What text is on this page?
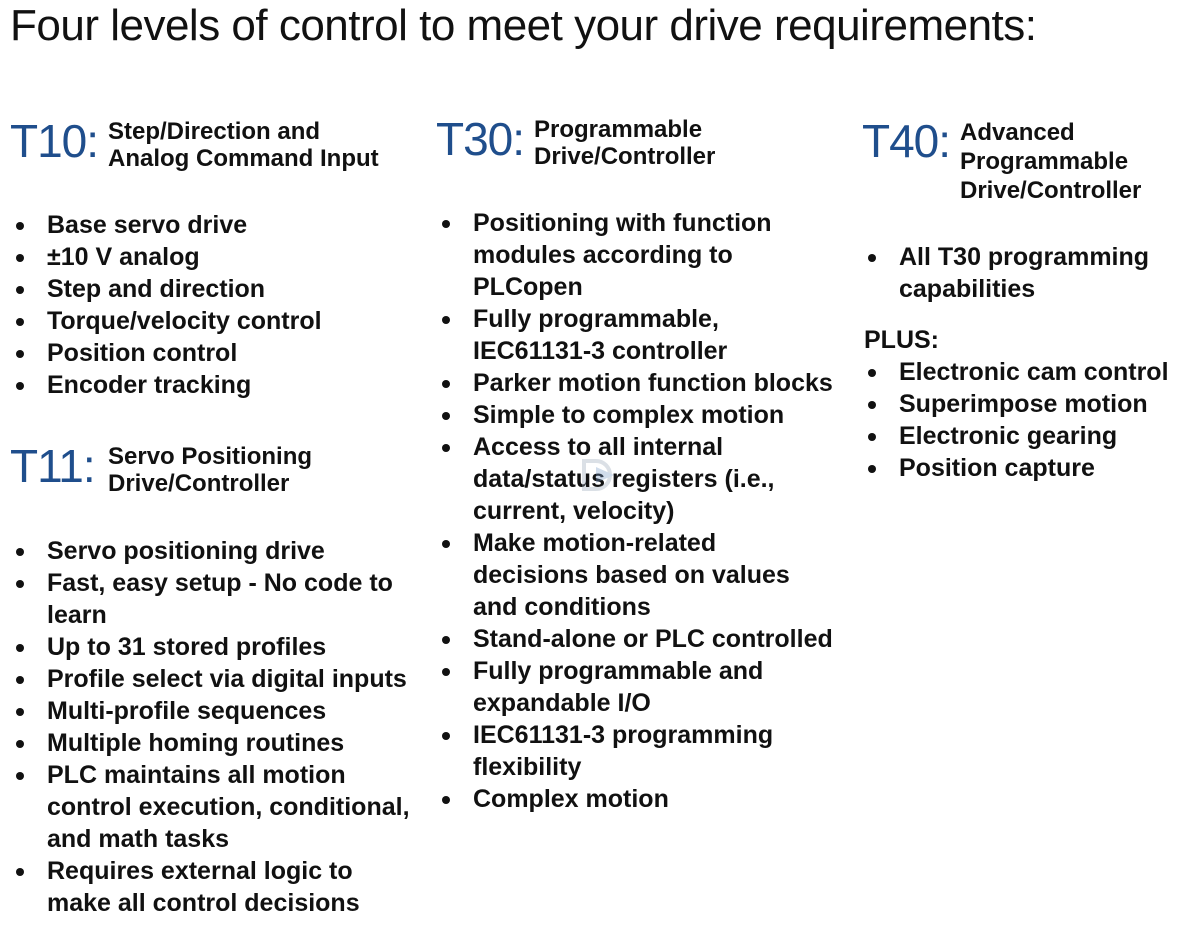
Four levels of control to meet your drive requirements:
T10: Step/Direction and
Analog Command Input
Base servo drive
±10 V analog
Step and direction
Torque/velocity control
Position control
Encoder tracking
T11: Servo Positioning
Drive/Controller
Servo positioning drive
Fast, easy setup - No code to learn
Up to 31 stored profiles
Profile select via digital inputs
Multi-profile sequences
Multiple homing routines
PLC maintains all motion control execution, conditional, and math tasks
Requires external logic to make all control decisions
T30: Programmable
Drive/Controller
Positioning with function modules according to PLCopen
Fully programmable, IEC61131-3 controller
Parker motion function blocks
Simple to complex motion
Access to all internal data/status registers (i.e., current, velocity)
Make motion-related decisions based on values and conditions
Stand-alone or PLC controlled
Fully programmable and expandable I/O
IEC61131-3 programming flexibility
Complex motion
T40: Advanced
Programmable
Drive/Controller
All T30 programming capabilities
PLUS:
Electronic cam control
Superimpose motion
Electronic gearing
Position capture
